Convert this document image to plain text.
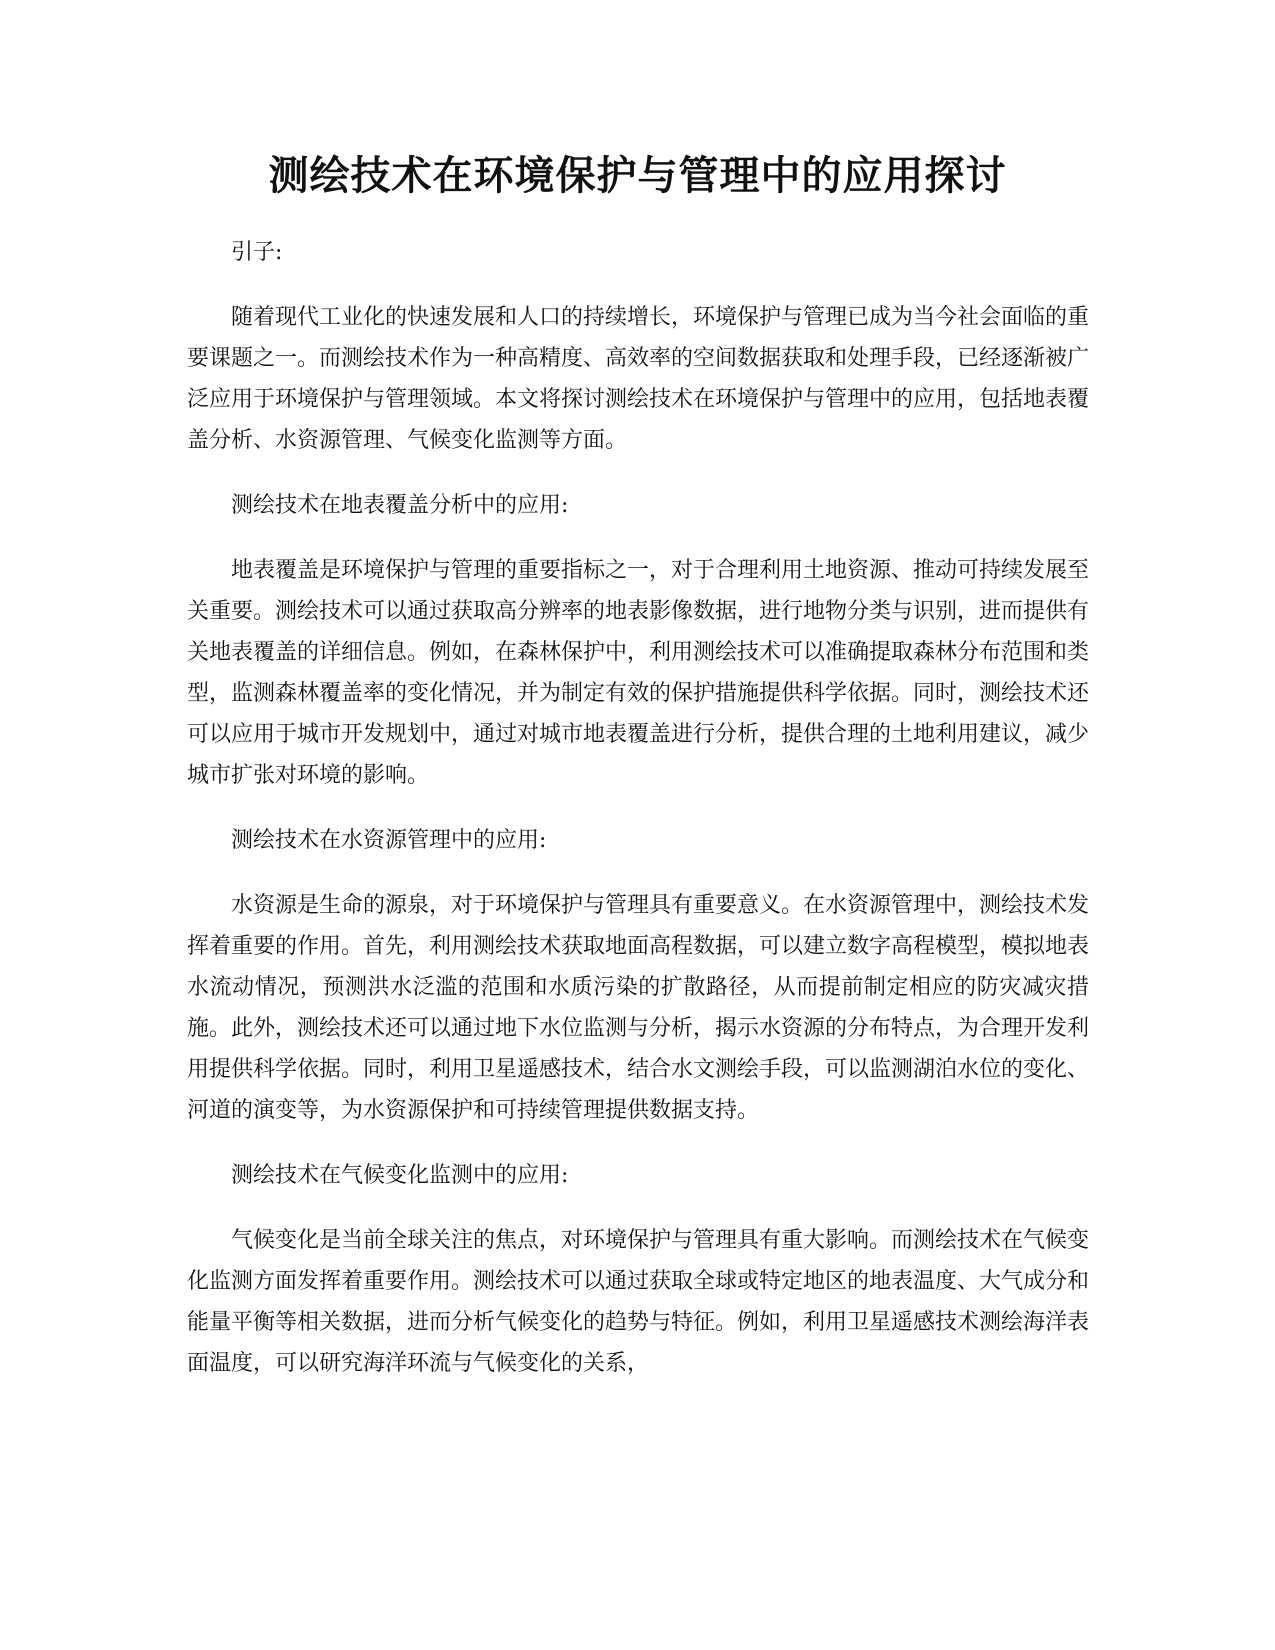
测绘技术在环境保护与管理中的应用探讨

引子:

随着现代工业化的快速发展和人口的持续增长，环境保护与管理已成为当今社会面临的重要课题之一。而测绘技术作为一种高精度、高效率的空间数据获取和处理手段，已经逐渐被广泛应用于环境保护与管理领域。本文将探讨测绘技术在环境保护与管理中的应用，包括地表覆盖分析、水资源管理、气候变化监测等方面。

测绘技术在地表覆盖分析中的应用:

地表覆盖是环境保护与管理的重要指标之一，对于合理利用土地资源、推动可持续发展至关重要。测绘技术可以通过获取高分辨率的地表影像数据，进行地物分类与识别，进而提供有关地表覆盖的详细信息。例如，在森林保护中，利用测绘技术可以准确提取森林分布范围和类型，监测森林覆盖率的变化情况，并为制定有效的保护措施提供科学依据。同时，测绘技术还可以应用于城市开发规划中，通过对城市地表覆盖进行分析，提供合理的土地利用建议，减少城市扩张对环境的影响。

测绘技术在水资源管理中的应用:

水资源是生命的源泉，对于环境保护与管理具有重要意义。在水资源管理中，测绘技术发挥着重要的作用。首先，利用测绘技术获取地面高程数据，可以建立数字高程模型，模拟地表水流动情况，预测洪水泛滥的范围和水质污染的扩散路径，从而提前制定相应的防灾减灾措施。此外，测绘技术还可以通过地下水位监测与分析，揭示水资源的分布特点，为合理开发利用提供科学依据。同时，利用卫星遥感技术，结合水文测绘手段，可以监测湖泊水位的变化、河道的演变等，为水资源保护和可持续管理提供数据支持。

测绘技术在气候变化监测中的应用:

气候变化是当前全球关注的焦点，对环境保护与管理具有重大影响。而测绘技术在气候变化监测方面发挥着重要作用。测绘技术可以通过获取全球或特定地区的地表温度、大气成分和能量平衡等相关数据，进而分析气候变化的趋势与特征。例如，利用卫星遥感技术测绘海洋表面温度，可以研究海洋环流与气候变化的关系，
